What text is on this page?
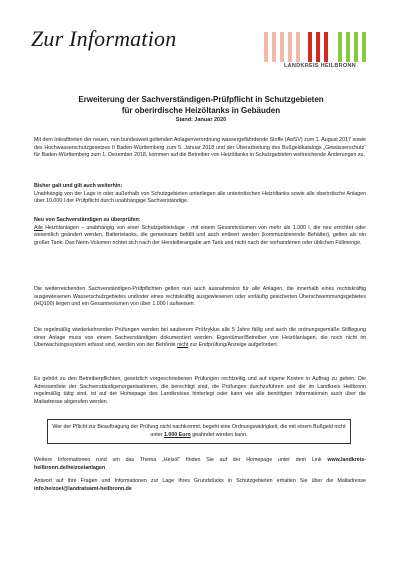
Zur Information
LANDKREIS HEILBRONN
Erweiterung der Sachverständigen-Prüfpflicht in Schutzgebieten
für oberirdische Heizöltanks in Gebäuden
Stand: Januar 2020

Mit dem Inkrafttreten der neuen, nun bundesweit geltenden Anlagenverordnung wassergefährdende Stoffe (AwSV) zum 1. August 2017 sowie des Hochwasserschutzgesetzes II Baden-Württemberg zum 5. Januar 2018 und der Überarbeitung des Bußgeldkatalogs „Gewässerschutz“ für Baden-Württemberg zum 1. Dezember 2018, kommen auf die Betreiber von Heizöltanks in Schutzgebieten weitreichende Änderungen zu.

Bisher galt und gilt auch weiterhin:
Unabhängig von der Lage in oder außerhalb von Schutzgebieten unterliegen alle unterirdischen Heizöltanks sowie alle oberirdische Anlagen über 10.000 l der Prüfpflicht durch unabhängige Sachverständige.

Neu von Sachverständigen zu überprüfen:
Alle Heizölanlagen – unabhängig von einer Schutzgebietslage - mit einem Gesamtvolumen von mehr als 1.000 l, die neu errichtet oder wesentlich geändert werden. Batterietanks, die gemeinsam befüllt und auch entleert werden (kommunizierende Behälter), gelten als ein großer Tank. Das Nenn-Volumen richtet sich nach der Herstellerangabe am Tank und nicht nach der vorhandenen oder üblichen Füllmenge.

Die weiterreichenden Sachverständigen-Prüfpflichten gelten nun auch ausnahmslos für alle Anlagen, die innerhalb eines rechtskräftig ausgewiesenen Wasserschutzgebietes und/oder eines rechtskräftig ausgewiesenen oder vorläufig gesicherten Überschwemmungsgebietes (HQ100) liegen und ein Gesamtvolumen von über 1.000 l aufweisen.

Die regelmäßig wiederkehrenden Prüfungen werden bei sauberem Prüfzyklus alle 5 Jahre fällig und auch die ordnungsgemäße Stilllegung einer Anlage muss von einem Sachverständigen dokumentiert werden. Eigentümer/Betreiber von Heizölanlagen, die noch nicht im Überwachungssystem erfasst sind, werden von der Behörde nicht zur Endprüfung/Anzeige aufgefordert.

Es gehört zu den Betreiberpflichten, gesetzlich vorgeschriebenen Prüfungen rechtzeitig und auf eigene Kosten in Auftrag zu geben. Die Adressenliste der Sachverständigenorganisationen, die berechtigt sind, die Prüfungen durchzuführen und die im Landkreis Heilbronn regelmäßig tätig sind, ist auf der Homepage des Landkreises hinterlegt oder kann wie alle benötigten Informationen auch über die Mailadresse abgerufen werden.

Wer der Pflicht zur Beauftragung der Prüfung nicht nachkommt, begeht eine Ordnungswidrigkeit, die mit einem Bußgeld nicht unter 1.000 Euro geahndet werden kann.

Weitere Informationen rund um das Thema „Heizöl“ finden Sie auf der Homepage unter dem Link www.landkreis-heilbronn.de/heizoelanlagen

Antwort auf Ihre Fragen und Informationen zur Lage Ihres Grundstücks in Schutzgebieten erhalten Sie über die Mailadresse info.heizoel@landratsamt-heilbronn.de
